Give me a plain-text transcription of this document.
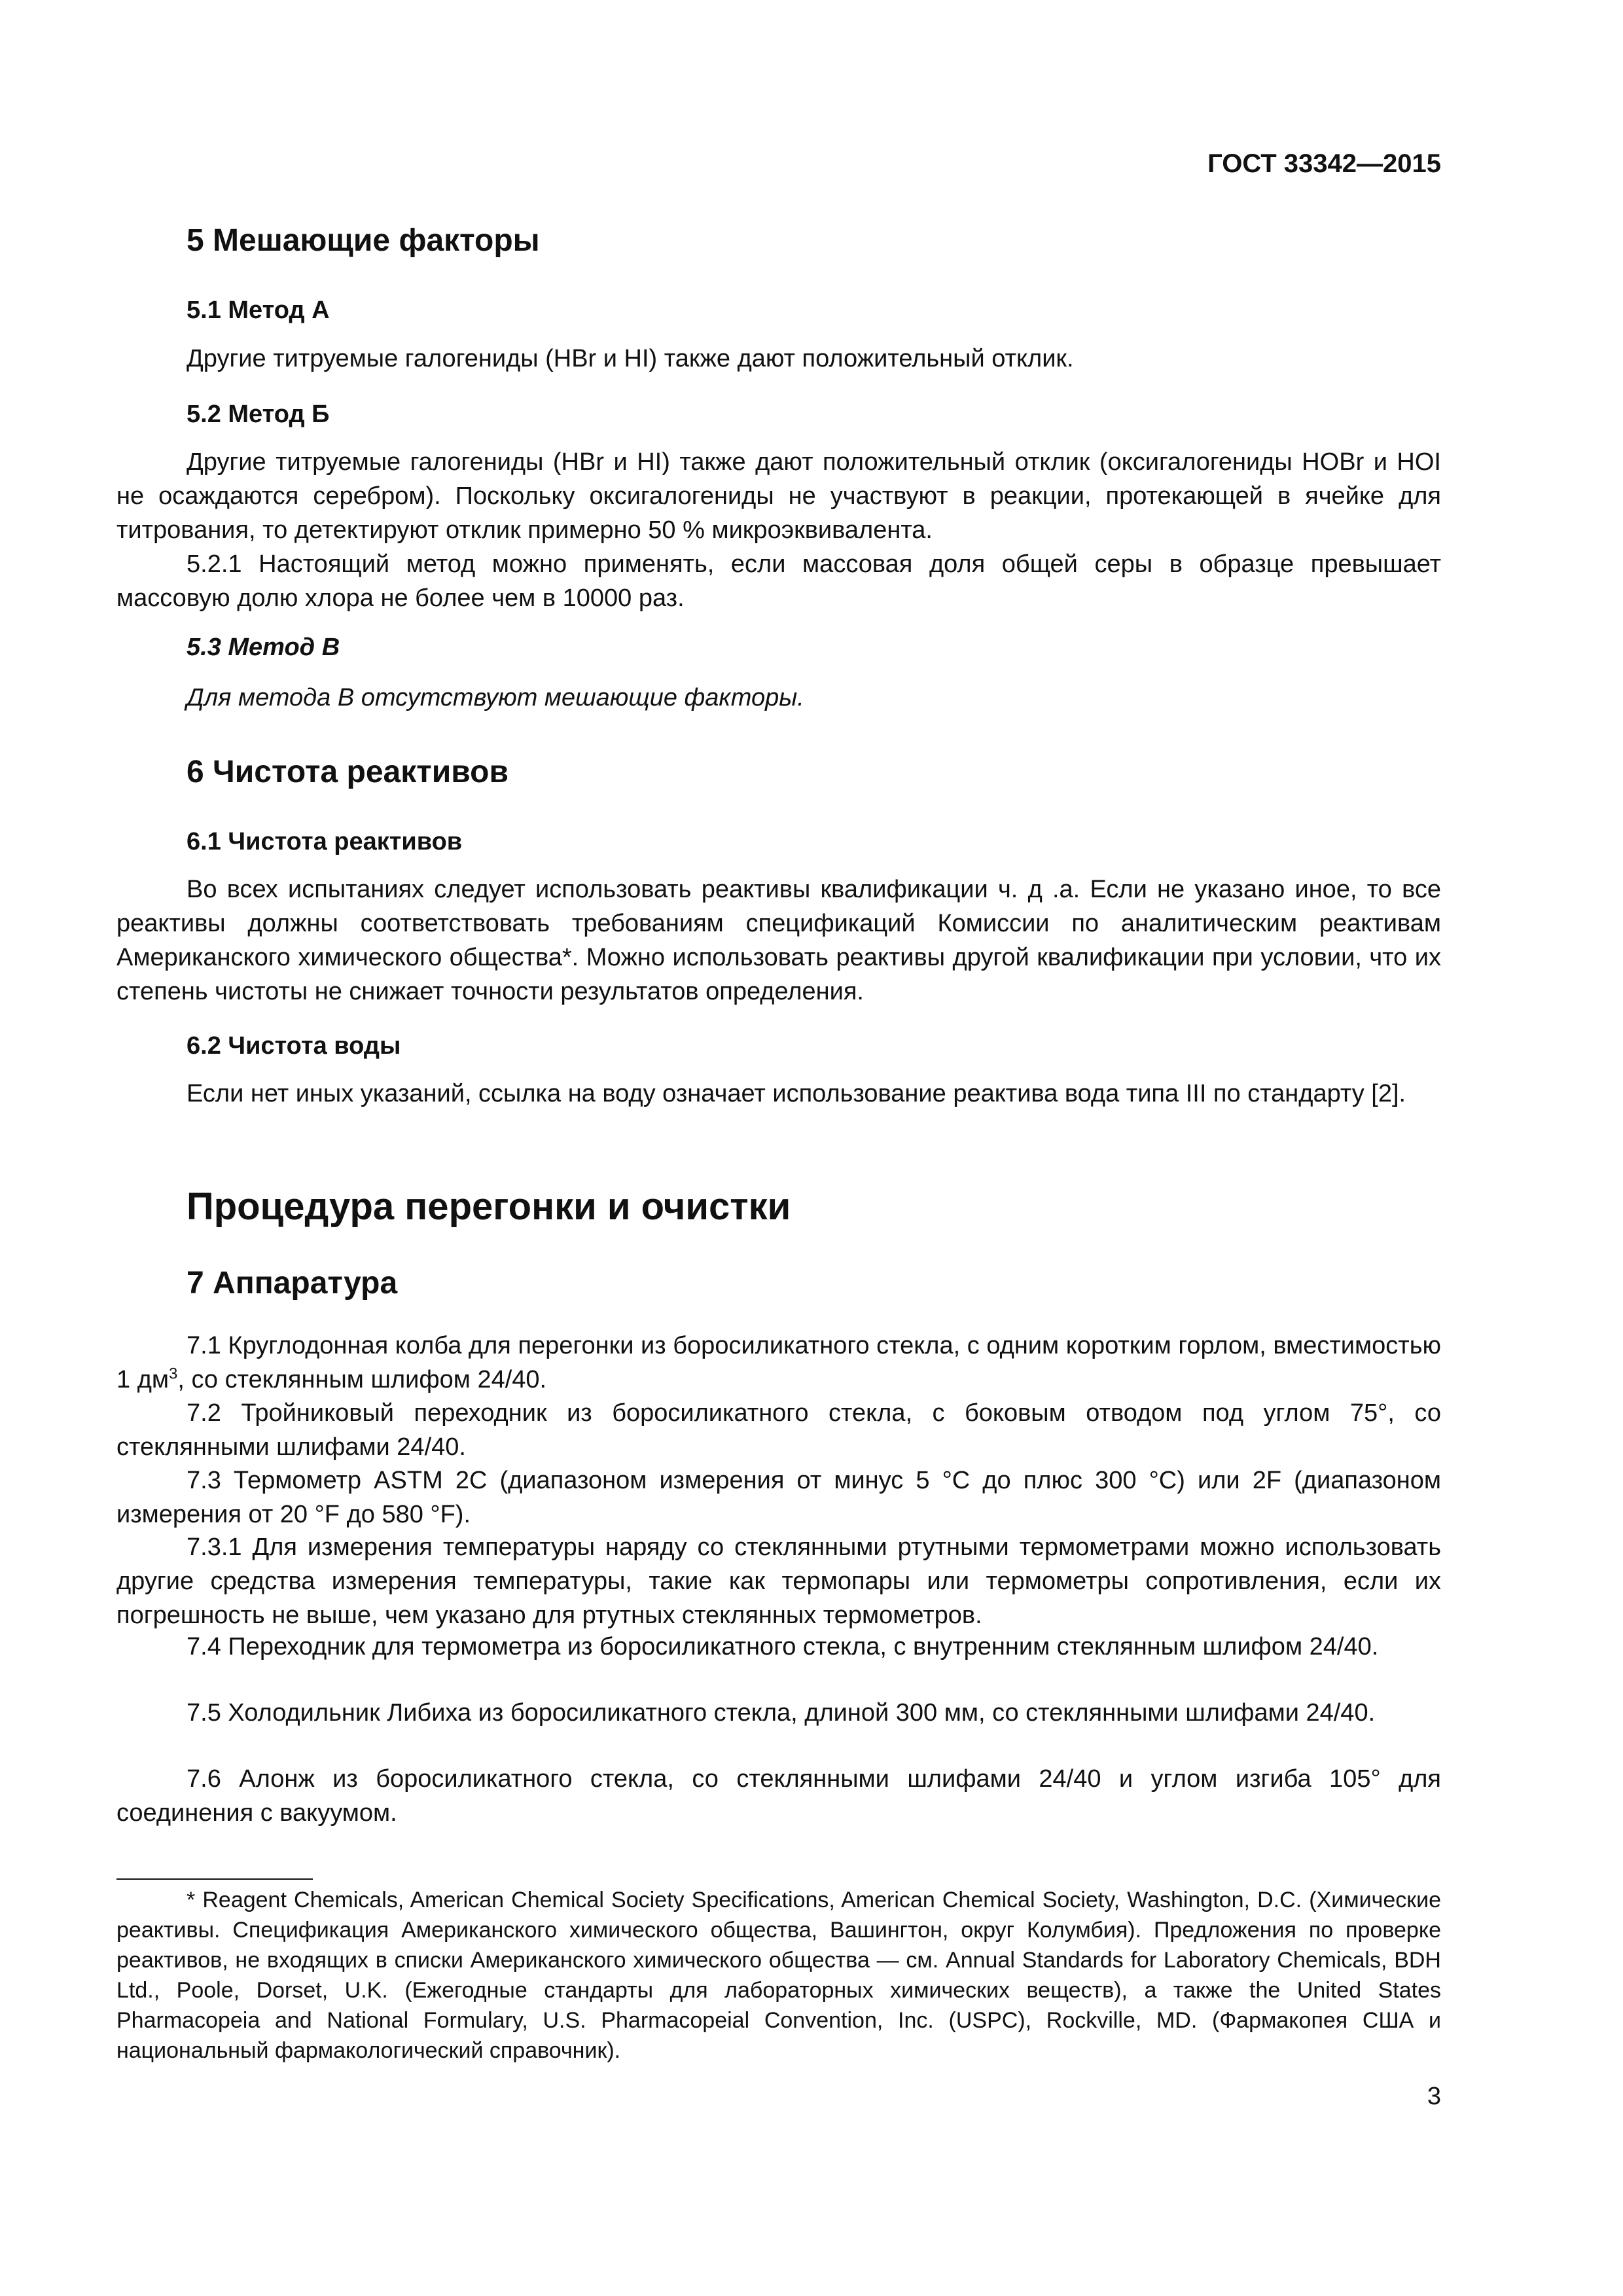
ГОСТ 33342—2015
5 Мешающие факторы
5.1 Метод А

Другие титруемые галогениды (НВr и НI) также дают положительный отклик.

5.2 Метод Б

Другие титруемые галогениды (НВr и НI) также дают положительный отклик (оксигалогениды НОВr и НОI не осаждаются серебром). Поскольку оксигалогениды не участвуют в реакции, протекающей в ячейке для титрования, то детектируют отклик примерно 50 % микроэквивалента.

5.2.1 Настоящий метод можно применять, если массовая доля общей серы в образце превышает массовую долю хлора не более чем в 10000 раз.

5.3 Метод В

Для метода В отсутствуют мешающие факторы.

6 Чистота реактивов
6.1 Чистота реактивов

Во всех испытаниях следует использовать реактивы квалификации ч. д .а. Если не указано иное, то все реактивы должны соответствовать требованиям спецификаций Комиссии по аналитическим реактивам Американского химического общества*. Можно использовать реактивы другой квалификации при условии, что их степень чистоты не снижает точности результатов определения.

6.2 Чистота воды

Если нет иных указаний, ссылка на воду означает использование реактива вода типа III по стандарту [2].

Процедура перегонки и очистки
7 Аппаратура

7.1 Круглодонная колба для перегонки из боросиликатного стекла, с одним коротким горлом, вместимостью 1 $дм^3$, со стеклянным шлифом 24/40.

7.2 Тройниковый переходник из боросиликатного стекла, с боковым отводом под углом 75°, со стеклянными шлифами 24/40.

7.3 Термометр ASTM 2C (диапазоном измерения от минус 5 °С до плюс 300 °С) или 2F (диапазоном измерения от 20 °F до 580 °F).

7.3.1 Для измерения температуры наряду со стеклянными ртутными термометрами можно использовать другие средства измерения температуры, такие как термопары или термометры сопротивления, если их погрешность не выше, чем указано для ртутных стеклянных термометров.

7.4 Переходник для термометра из боросиликатного стекла, с внутренним стеклянным шлифом 24/40.

7.5 Холодильник Либиха из боросиликатного стекла, длиной 300 мм, со стеклянными шлифами 24/40.

7.6 Алонж из боросиликатного стекла, со стеклянными шлифами 24/40 и углом изгиба 105° для соединения с вакуумом.

* Reagent Chemicals, American Chemical Society Specifications, American Chemical Society, Washington, D.C. (Химические реактивы. Спецификация Американского химического общества, Вашингтон, округ Колумбия). Предложения по проверке реактивов, не входящих в списки Американского химического общества — см. Annual Standards for Laboratory Chemicals, BDH Ltd., Poole, Dorset, U.K. (Ежегодные стандарты для лабораторных химических веществ), а также the United States Pharmacopeia and National Formulary, U.S. Pharmacopeial Convention, Inc. (USPC), Rockville, MD. (Фармакопея США и национальный фармакологический справочник).

3
